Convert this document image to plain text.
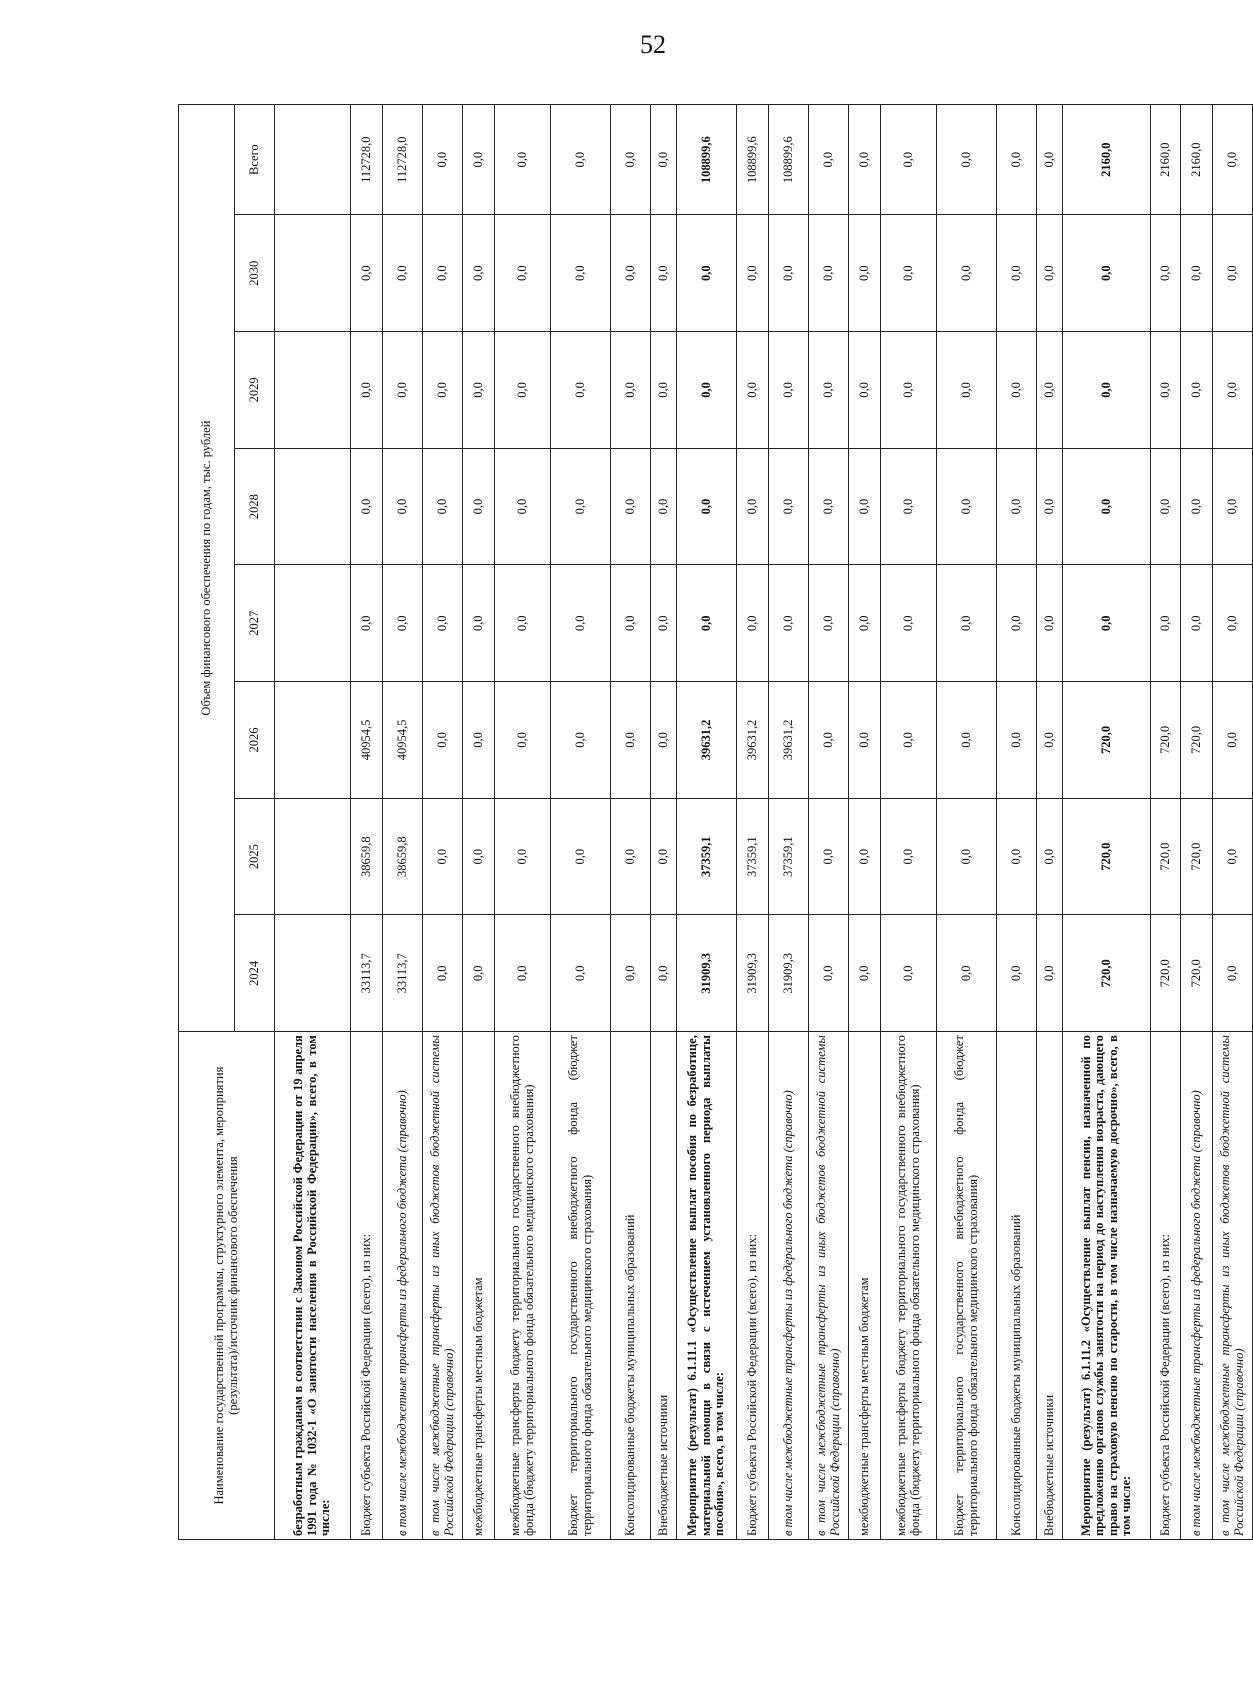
52
Наименование государственной программы, структурного элемента, мероприятия (результата)/источник финансового обеспечения	Объем финансового обеспечения по годам, тыс. рублей							
	2024	2025	2026	2027	2028	2029	2030	Всего
безработным гражданам в соответствии с Законом Российской Федерации от 19 апреля 1991 года № 1032-1 «О занятости населения в Российской Федерации», всего, в том числе:								
Бюджет субъекта Российской Федерации (всего), из них:	33113,7	38659,8	40954,5	0,0	0,0	0,0	0,0	112728,0
в том числе межбюджетные трансферты из федерального бюджета (справочно)	33113,7	38659,8	40954,5	0,0	0,0	0,0	0,0	112728,0
в том числе межбюджетные трансферты из иных бюджетов бюджетной системы Российской Федерации (справочно)	0,0	0,0	0,0	0,0	0,0	0,0	0,0	0,0
межбюджетные трансферты местным бюджетам	0,0	0,0	0,0	0,0	0,0	0,0	0,0	0,0
межбюджетные трансферты бюджету территориального государственного внебюджетного фонда (бюджету территориального фонда обязательного медицинского страхования)	0,0	0,0	0,0	0,0	0,0	0,0	0,0	0,0
Бюджет территориального государственного внебюджетного фонда (бюджет территориального фонда обязательного медицинского страхования)	0,0	0,0	0,0	0,0	0,0	0,0	0,0	0,0
Консолидированные бюджеты муниципальных образований	0,0	0,0	0,0	0,0	0,0	0,0	0,0	0,0
Внебюджетные источники	0,0	0,0	0,0	0,0	0,0	0,0	0,0	0,0
Мероприятие (результат) 6.1.11.1 «Осуществление выплат пособия по безработице, материальной помощи в связи с истечением установленного периода выплаты пособия», всего, в том числе:	31909,3	37359,1	39631,2	0,0	0,0	0,0	0,0	108899,6
Бюджет субъекта Российской Федерации (всего), из них:	31909,3	37359,1	39631,2	0,0	0,0	0,0	0,0	108899,6
в том числе межбюджетные трансферты из федерального бюджета (справочно)	31909,3	37359,1	39631,2	0,0	0,0	0,0	0,0	108899,6
в том числе межбюджетные трансферты из иных бюджетов бюджетной системы Российской Федерации (справочно)	0,0	0,0	0,0	0,0	0,0	0,0	0,0	0,0
межбюджетные трансферты местным бюджетам	0,0	0,0	0,0	0,0	0,0	0,0	0,0	0,0
межбюджетные трансферты бюджету территориального государственного внебюджетного фонда (бюджету территориального фонда обязательного медицинского страхования)	0,0	0,0	0,0	0,0	0,0	0,0	0,0	0,0
Бюджет территориального государственного внебюджетного фонда (бюджет территориального фонда обязательного медицинского страхования)	0,0	0,0	0,0	0,0	0,0	0,0	0,0	0,0
Консолидированные бюджеты муниципальных образований	0,0	0,0	0,0	0,0	0,0	0,0	0,0	0,0
Внебюджетные источники	0,0	0,0	0,0	0,0	0,0	0,0	0,0	0,0
Мероприятие (результат) 6.1.11.2 «Осуществление выплат пенсии, назначенной по предложению органов службы занятости на период до наступления возраста, дающего право на страховую пенсию по старости, в том числе назначаемую досрочно», всего, в том числе:	720,0	720,0	720,0	0,0	0,0	0,0	0,0	2160,0
Бюджет субъекта Российской Федерации (всего), из них:	720,0	720,0	720,0	0,0	0,0	0,0	0,0	2160,0
в том числе межбюджетные трансферты из федерального бюджета (справочно)	720,0	720,0	720,0	0,0	0,0	0,0	0,0	2160,0
в том числе межбюджетные трансферты из иных бюджетов бюджетной системы Российской Федерации (справочно)	0,0	0,0	0,0	0,0	0,0	0,0	0,0	0,0
